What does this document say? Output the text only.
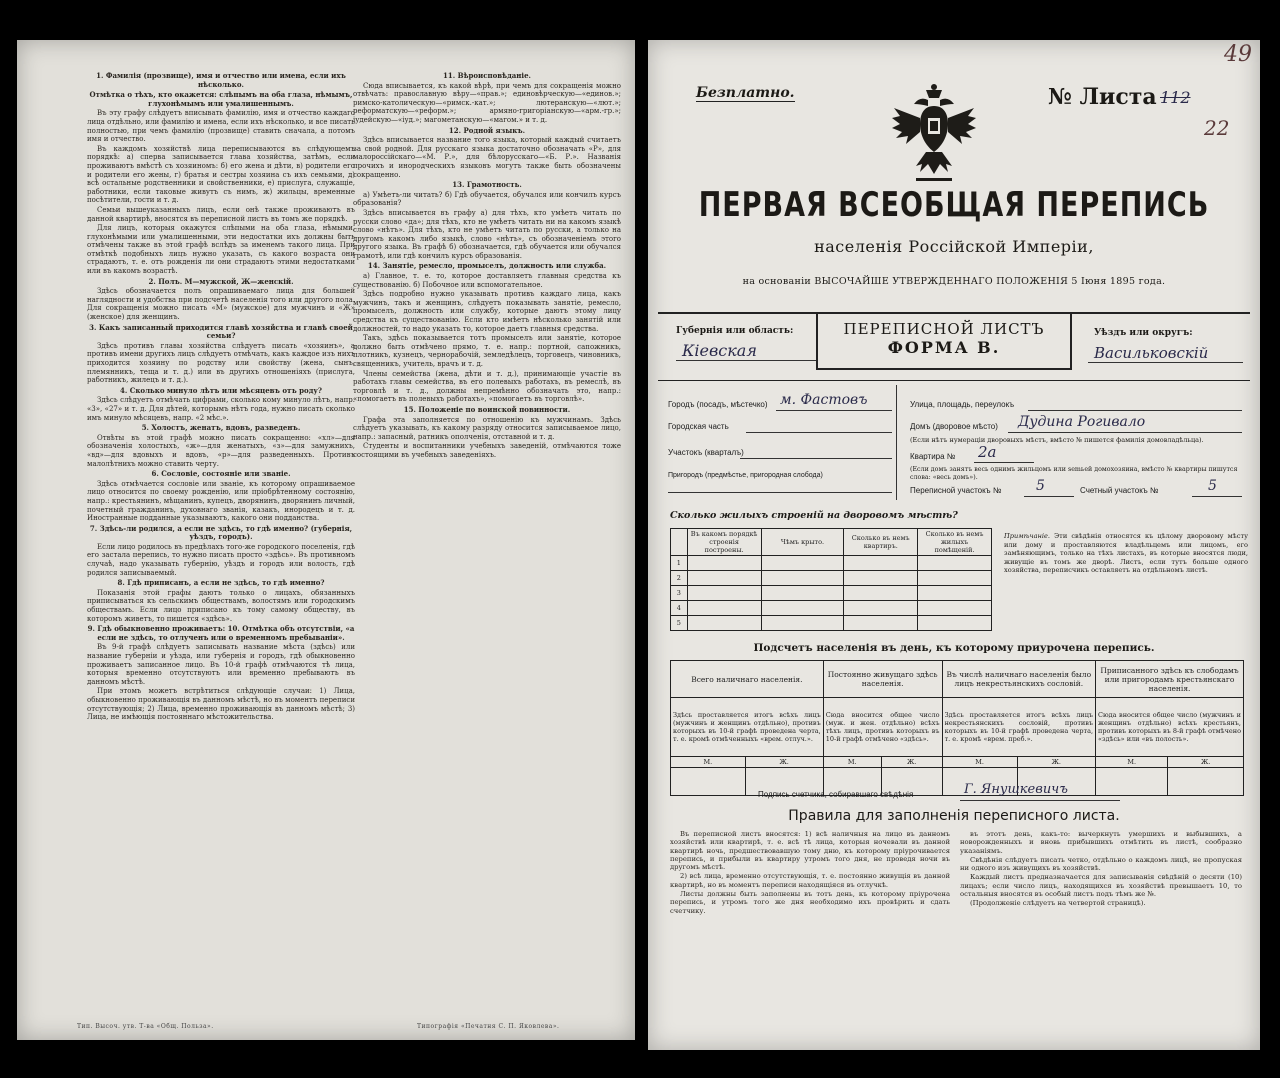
1. Фамилія (прозвище), имя и отчество или имена, если ихъ нѣсколько.

Отмѣтка о тѣхъ, кто окажется: слѣпымъ на оба глаза, нѣмымъ, глухонѣмымъ или умалишеннымъ.

Въ эту графу слѣдуетъ вписывать фамилію, имя и отчество каждаго лица отдѣльно, или фамилію и имена, если ихъ нѣсколько, и все писать полностью, при чемъ фамилію (прозвище) ставить сначала, а потомъ имя и отчество.

Въ каждомъ хозяйствѣ лица переписываются въ слѣдующемъ порядкѣ: а) сперва записывается глава хозяйства, затѣмъ, если проживаютъ вмѣстѣ съ хозяиномъ: б) его жена и дѣти, в) родители его и родители его жены, г) братья и сестры хозяина съ ихъ семьями, д) всѣ остальные родственники и свойственники, е) прислуга, служащіе, работники, если таковые живутъ съ нимъ, ж) жильцы, временные посѣтители, гости и т. д.

Семьи вышеуказанныхъ лицъ, если онѣ также проживаютъ въ данной квартирѣ, вносятся въ переписной листъ въ томъ же порядкѣ.

Для лицъ, которыя окажутся слѣпыми на оба глаза, нѣмыми, глухонѣмыми или умалишенными, эти недостатки ихъ должны быть отмѣчены также въ этой графѣ вслѣдъ за именемъ такого лица. При отмѣткѣ подобныхъ лицъ нужно указать, съ какого возраста они страдаютъ, т. е. отъ рожденія ли они страдаютъ этими недостатками или въ какомъ возрастѣ.

2. Полъ. М—мужской, Ж—женскій.

Здѣсь обозначается полъ опрашиваемаго лица для большей наглядности и удобства при подсчетѣ населенія того или другого пола. Для сокращенія можно писать «М» (мужское) для мужчинъ и «Ж» (женское) для женщинъ.

3. Какъ записанный приходится главѣ хозяйства и главѣ своей семьи?

Здѣсь противъ главы хозяйства слѣдуетъ писать «хозяинъ», а противъ имени другихъ лицъ слѣдуетъ отмѣчать, какъ каждое изъ нихъ приходится хозяину по родству или свойству (жена, сынъ, племянникъ, теща и т. д.) или въ другихъ отношеніяхъ (прислуга, работникъ, жилецъ и т. д.).

4. Сколько минуло лѣтъ или мѣсяцевъ отъ роду?

Здѣсь слѣдуетъ отмѣчать цифрами, сколько кому минуло лѣтъ, напр. «3», «27» и т. д. Для дѣтей, которымъ нѣтъ года, нужно писать сколько имъ минуло мѣсяцевъ, напр. «2 мѣс.».

5. Холостъ, женатъ, вдовъ, разведенъ.

Отвѣты въ этой графѣ можно писать сокращенно: «хл»—для обозначенія холостыхъ, «ж»—для женатыхъ, «з»—для замужнихъ, «вд»—для вдовыхъ и вдовъ, «р»—для разведенныхъ. Противъ малолѣтнихъ можно ставить черту.

6. Сословіе, состояніе или званіе.

Здѣсь отмѣчается сословіе или званіе, къ которому опрашиваемое лицо относится по своему рожденію, или пріобрѣтенному состоянію, напр.: крестьянинъ, мѣщанинъ, купецъ, дворянинъ, дворянинъ личный, почетный гражданинъ, духовнаго званія, казакъ, инородецъ и т. д. Иностранные подданные указываютъ, какого они подданства.

7. Здѣсь-ли родился, а если не здѣсь, то гдѣ именно? (губернія, уѣздъ, городъ).

Если лицо родилось въ предѣлахъ того-же городского поселенія, гдѣ его застала перепись, то нужно писать просто «здѣсь». Въ противномъ случаѣ, надо указывать губернію, уѣздъ и городъ или волость, гдѣ родился записываемый.

8. Гдѣ приписанъ, а если не здѣсь, то гдѣ именно?

Показанія этой графы даютъ только о лицахъ, обязанныхъ приписываться къ сельскимъ обществамъ, волостямъ или городскимъ обществамъ. Если лицо приписано къ тому самому обществу, въ которомъ живетъ, то пишется «здѣсь».

9. Гдѣ обыкновенно проживаетъ: 10. Отмѣтка объ отсутствіи, «а если не здѣсь, то отлученъ или о временномъ пребываніи».

Въ 9-й графѣ слѣдуетъ записывать название мѣста (здѣсь) или название губерніи и уѣзда, или губернія и городъ, гдѣ обыкновенно проживаетъ записанное лицо. Въ 10-й графѣ отмѣчаются тѣ лица, которыя временно отсутствуютъ или временно пребываютъ въ данномъ мѣстѣ.

При этомъ можетъ встрѣтиться слѣдующіе случаи: 1) Лица, обыкновенно проживающія въ данномъ мѣстѣ, но въ моментъ переписи отсутствующія; 2) Лица, временно проживающія въ данномъ мѣстѣ; 3) Лица, не имѣющія постояннаго мѣстожительства.

11. Вѣроисповѣданіе.

Сюда вписывается, къ какой вѣрѣ, при чемъ для сокращенія можно отвѣчать: православную вѣру—«прав.»; единовѣрческую—«единов.»; римско-католическую—«римск.-кат.»; лютеранскую—«лют.»; реформатскую—«реформ.»; армяно-григоріанскую—«арм.-гр.»; іудейскую—«іуд.»; магометанскую—«магом.» и т. д.

12. Родной языкъ.

Здѣсь вписывается название того языка, который каждый считаетъ за свой родной. Для русскаго языка достаточно обозначать «Р», для малороссійскаго—«М. Р.», для бѣлорусскаго—«Б. Р.». Названія прочихъ и инородческихъ языковъ могутъ также быть обозначены сокращенно.

13. Грамотность.

а) Умѣетъ-ли читать? б) Гдѣ обучается, обучался или кончилъ курсъ образованія?

Здѣсь вписывается въ графу а) для тѣхъ, кто умѣетъ читать по русски слово «да»; для тѣхъ, кто не умѣетъ читать ни на какомъ языкѣ слово «нѣтъ». Для тѣхъ, кто не умѣетъ читать по русски, а только на другомъ какомъ либо языкѣ, слово «нѣтъ», съ обозначеніемъ этого другого языка. Въ графѣ б) обозначается, гдѣ обучается или обучался грамотѣ, или гдѣ кончилъ курсъ образованія.

14. Занятіе, ремесло, промыселъ, должность или служба.

а) Главное, т. е. то, которое доставляетъ главныя средства къ существованію. б) Побочное или вспомогательное.

Здѣсь подробно нужно указывать противъ каждаго лица, какъ мужчинъ, такъ и женщинъ, слѣдуетъ показывать занятіе, ремесло, промыселъ, должность или службу, которые даютъ этому лицу средства къ существованію. Если кто имѣетъ нѣсколько занятій или должностей, то надо указать то, которое даетъ главныя средства.

Такъ, здѣсь показывается тотъ промыселъ или занятіе, которое должно быть отмѣчено прямо, т. е. напр.: портной, сапожникъ, плотникъ, кузнецъ, чернорабочій, земледѣлецъ, торговецъ, чиновникъ, священникъ, учитель, врачъ и т. д.

Члены семейства (жена, дѣти и т. д.), принимающіе участіе въ работахъ главы семейства, въ его полевыхъ работахъ, въ ремеслѣ, въ торговлѣ и т. д., должны непремѣнно обозначать это, напр.: «помогаетъ въ полевыхъ работахъ», «помогаетъ въ торговлѣ».

15. Положеніе по воинской повинности.

Графа эта заполняется по отношенію къ мужчинамъ. Здѣсь слѣдуетъ указывать, къ какому разряду относится записываемое лицо, напр.: запасный, ратникъ ополченія, отставной и т. д.

Студенты и воспитанники учебныхъ заведеній, отмѣчаются тоже состоящими въ учебныхъ заведеніяхъ.

Тип. Высоч. утв. Т-ва «Общ. Польза».	Типографія «Печатня С. П. Яковлева».
Безплатно.	№ Листа 112
49
22
ПЕРВАЯ ВСЕОБЩАЯ ПЕРЕПИСЬ
населенія Россійской Имперіи,
на основаніи ВЫСОЧАЙШЕ УТВЕРЖДЕННАГО ПОЛОЖЕНІЯ 5 Іюня 1895 года.
Губернія или область:
Кіевская
ПЕРЕПИСНОЙ ЛИСТЪ
ФОРМА В.
Уѣздъ или округъ:
Васильковскій
Городъ (посадъ, мѣстечко) м. Фастовъ
Городская часть
Участокъ (кварталъ)
Пригородъ (предмѣстье, пригородная слобода)
Улица, площадь, переулокъ
Домъ (дворовое мѣсто) Дудина Рогивало
(Если нѣтъ нумераціи дворовыхъ мѣстъ, вмѣсто № пишется фамилія домовладѣльца).
Квартира № 2а
(Если домъ занятъ весь однимъ жильцомъ или semьей домохозяина, вмѣсто № квартиры пишутся слова: «весь домъ»).
Переписной участокъ № 5	Счетный участокъ №	5
Сколько жилыхъ строеній на дворовомъ мѣстѣ?
	Въ какомъ порядкѣ строенія построены.	Чѣмъ крыто.	Сколько въ немъ квартиръ.	Сколько въ немъ жилыхъ помѣщеній.
1				
2				
3				
4				
5				
Примѣчаніе. Эти свѣдѣнія относятся къ цѣлому дворовому мѣсту или дому и проставляются владѣльцемъ или лицомъ, его замѣняющимъ, только на тѣхъ листахъ, въ которые вносятся люди, живущіе въ томъ же дворѣ. Листъ, если тутъ больше одного хозяйства, переписчикъ оставляетъ на отдѣльномъ листѣ.
Подсчетъ населенія въ день, къ которому приурочена перепись.
Всего наличнаго населенія.		Постоянно живущаго здѣсь населенія.		Въ числѣ наличнаго населенія было лицъ некрестьянскихъ сословій.		Приписанного здѣсь къ слободамъ или пригородамъ крестьянскаго населенія.	
Здѣсь проставляется итогъ всѣхъ лицъ (мужчинъ и женщинъ отдѣльно), противъ которыхъ въ 10-й графѣ проведена черта, т. е. кромѣ отмѣченныхъ «врем. отлуч.».		Сюда вносится общее число (муж. и жен. отдѣльно) всѣхъ тѣхъ лицъ, противъ которыхъ въ 10-й графѣ отмѣчено «здѣсь».		Здѣсь проставляется итогъ всѣхъ лицъ некрестьянскихъ сословій, противъ которыхъ въ 10-й графѣ проведена черта, т. е. кромѣ «врем. преб.».		Сюда вносится общее число (мужчинъ и женщинъ отдѣльно) всѣхъ крестьянъ, противъ которыхъ въ 8-й графѣ отмѣчено «здѣсь» или «въ полость».	
М.	Ж.	М.	Ж.	М.	Ж.	М.	Ж.

Подпись счетчика, собиравшаго свѣдѣнія	Г. Янушкевичъ
Правила для заполненія переписного листа.

Въ переписной листъ вносятся: 1) всѣ наличныя на лицо въ данномъ хозяйствѣ или квартирѣ, т. е. всѣ тѣ лица, которыя ночевали въ данной квартирѣ ночь, предшествовавшую тому дню, къ которому пріурочивается перепись, и прибыли въ квартиру утромъ того дня, не проведя ночи въ другомъ мѣстѣ.

2) всѣ лица, временно отсутствующія, т. е. постоянно живущія въ данной квартирѣ, но въ моментъ переписи находящіяся въ отлучкѣ.

Листы должны быть заполнены въ тотъ день, къ которому пріурочена перепись, и утромъ того же дня необходимо ихъ провѣрить и сдать счетчику.

въ этотъ день, какъ-то: вычеркнуть умершихъ и выбывшихъ, а новорожденныхъ и вновь прибывшихъ отмѣтить въ листѣ, сообразно указаніямъ.

Свѣдѣнія слѣдуетъ писать четко, отдѣльно о каждомъ лицѣ, не пропуская ни одного изъ живущихъ въ хозяйствѣ.

Каждый листъ предназначается для записыванія свѣдѣній о десяти (10) лицахъ; если число лицъ, находящихся въ хозяйствѣ превышаетъ 10, то остальныя вносятся въ особый листъ подъ тѣмъ же №.

(Продолженіе слѣдуетъ на четвертой страницѣ).
